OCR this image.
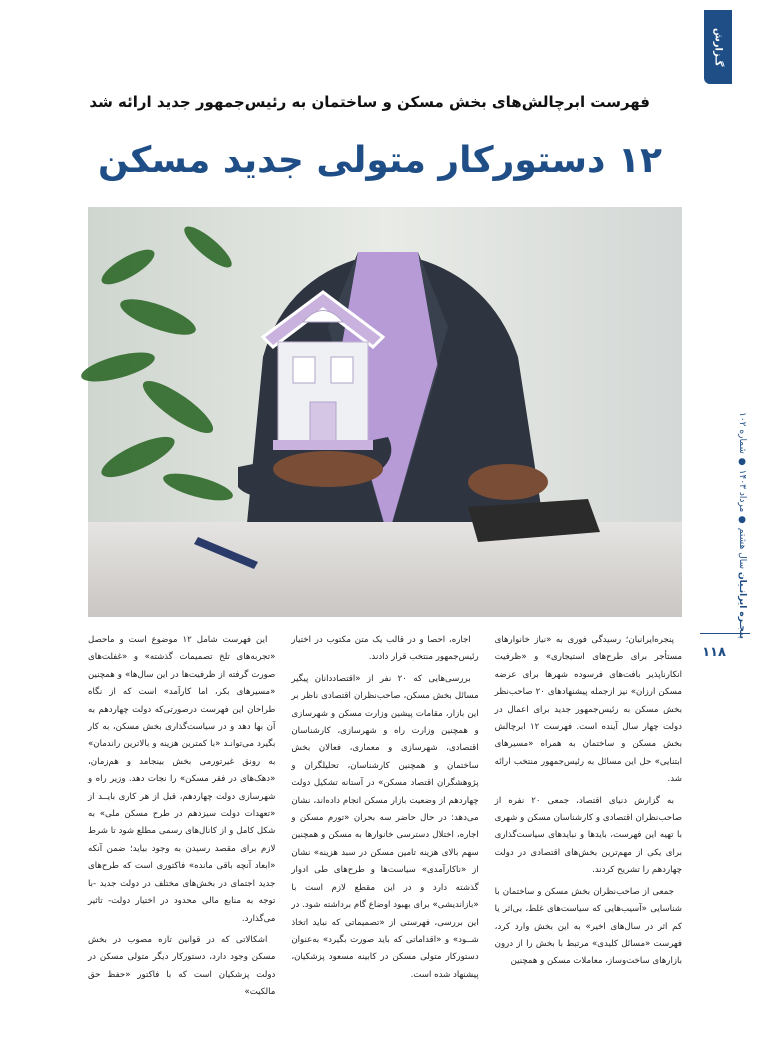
گـزارش
فهرست ابرچالش‌های بخش مسکن و ساختمان به رئیس‌جمهور جدید ارائه شد
۱۲ دستورکار متولی جدید مسکن
۱۱۸
پنجـره ایرانـیان سال هشتم ● مرداد ۱۴۰۳ ● شماره ۱۰۲

پنجره‌ایرانیان؛ رسیدگی فوری به «نیاز خانوارهای مستأجر برای طرح‌های استیجاری» و «ظرفیت انکارناپذیر بافت‌های فرسوده شهرها برای عرضه مسکن ارزان» نیز ازجمله پیشنهادهای ۲۰ صاحب‌نظر بخش مسکن به رئیس‌جمهور جدید برای اعمال در دولت چهار سال آینده است. فهرست ۱۲ ابرچالش بخش مسکن و ساختمان به همراه «مسیرهای ابتنایی» حل این مسائل به رئیس‌جمهور منتخب ارائه شد.

به گزارش دنیای اقتصاد، جمعی ۲۰ نفره از صاحب‌نظران اقتصادی و کارشناسان مسکن و شهری با تهیه این فهرست، بایدها و نبایدهای سیاست‌گذاری برای یکی از مهم‌ترین بخش‌های اقتصادی در دولت چهاردهم را تشریح کردند.

جمعی از صاحب‌نظران بخش مسکن و ساختمان با شناسایی «آسیب‌هایی که سیاست‌های غلط، بی‌اثر یا کم اثر در سال‌های اخیر» به این بخش وارد کرد، فهرست «مسائل کلیدی» مرتبط با بخش را از درون بازارهای ساخت‌وساز، معاملات مسکن و همچنین

اجاره، احصا و در قالب یک متن مکتوب در اختیار رئیس‌جمهور منتخب قرار دادند.

بررسی‌هایی که ۲۰ نفر از «اقتصاددانان پیگیر مسائل بخش مسکن، صاحب‌نظران اقتصادی ناظر بر این بازار، مقامات پیشین وزارت مسکن و شهرسازی و همچنین وزارت راه و شهرسازی، کارشناسان اقتصادی، شهرسازی و معماری، فعالان بخش ساختمان و همچنین کارشناسان، تحلیلگران و پژوهشگران اقتصاد مسکن» در آستانه تشکیل دولت چهاردهم از وضعیت بازار مسکن انجام داده‌اند، نشان می‌دهد: در حال حاضر سه بحران «تورم مسکن و اجاره، اختلال دسترسی خانوارها به مسکن و همچنین سهم بالای هزینه تامین مسکن در سبد هزینه» نشان از «ناکارآمدی» سیاست‌ها و طرح‌های طی ادوار گذشته دارد و در این مقطع لازم است با «بازاندیشی» برای بهبود اوضاع گام برداشته شود. در این بررسی، فهرستی از «تصمیماتی که نباید اتخاذ شــود» و «اقداماتی که باید صورت بگیرد» به‌عنوان دستورکار متولی مسکن در کابینه مسعود پزشکیان، پیشنهاد شده است.

این فهرست شامل ۱۲ موضوع است و ماحصل «تجربه‌های تلخ تصمیمات گذشته» و «غفلت‌های صورت گرفته از ظرفیت‌ها در این سال‌ها» و همچنین «مسیرهای بکر، اما کارآمد» است که از نگاه طراحان این فهرست درصورتی‌که دولت چهاردهم به آن بها دهد و در سیاست‌گذاری بخش مسکن، به کار بگیرد می‌توانـد «با کمترین هزینه و بالاترین راندمان» به رونق غیرتورمی بخش بینجامد و هم‌زمان، «دهک‌های در فقر مسکن» را نجات دهد. وزیر راه و شهرسازی دولت چهاردهم، قبل از هر کاری بایــد از «تعهدات دولت سیزدهم در طرح مسکن ملی» به شکل کامل و از کانال‌های رسمی مطلع شود تا شرط لازم برای مقصد رسیدن به وجود بیاید؛ ضمن آنکه «ابعاد آنچه باقی مانده» فاکتوری است که طرح‌های جدید اجتمای در بخش‌های مختلف در دولت جدید -با توجه به منابع مالی محدود در اختیار دولت- تاثیر می‌گذارد.

اشکالاتی که در قوانین تازه مصوب در بخش مسکن وجود دارد، دستورکار دیگر متولی مسکن در دولت پزشکیان است که با فاکتور «حفظ حق مالکیت»
